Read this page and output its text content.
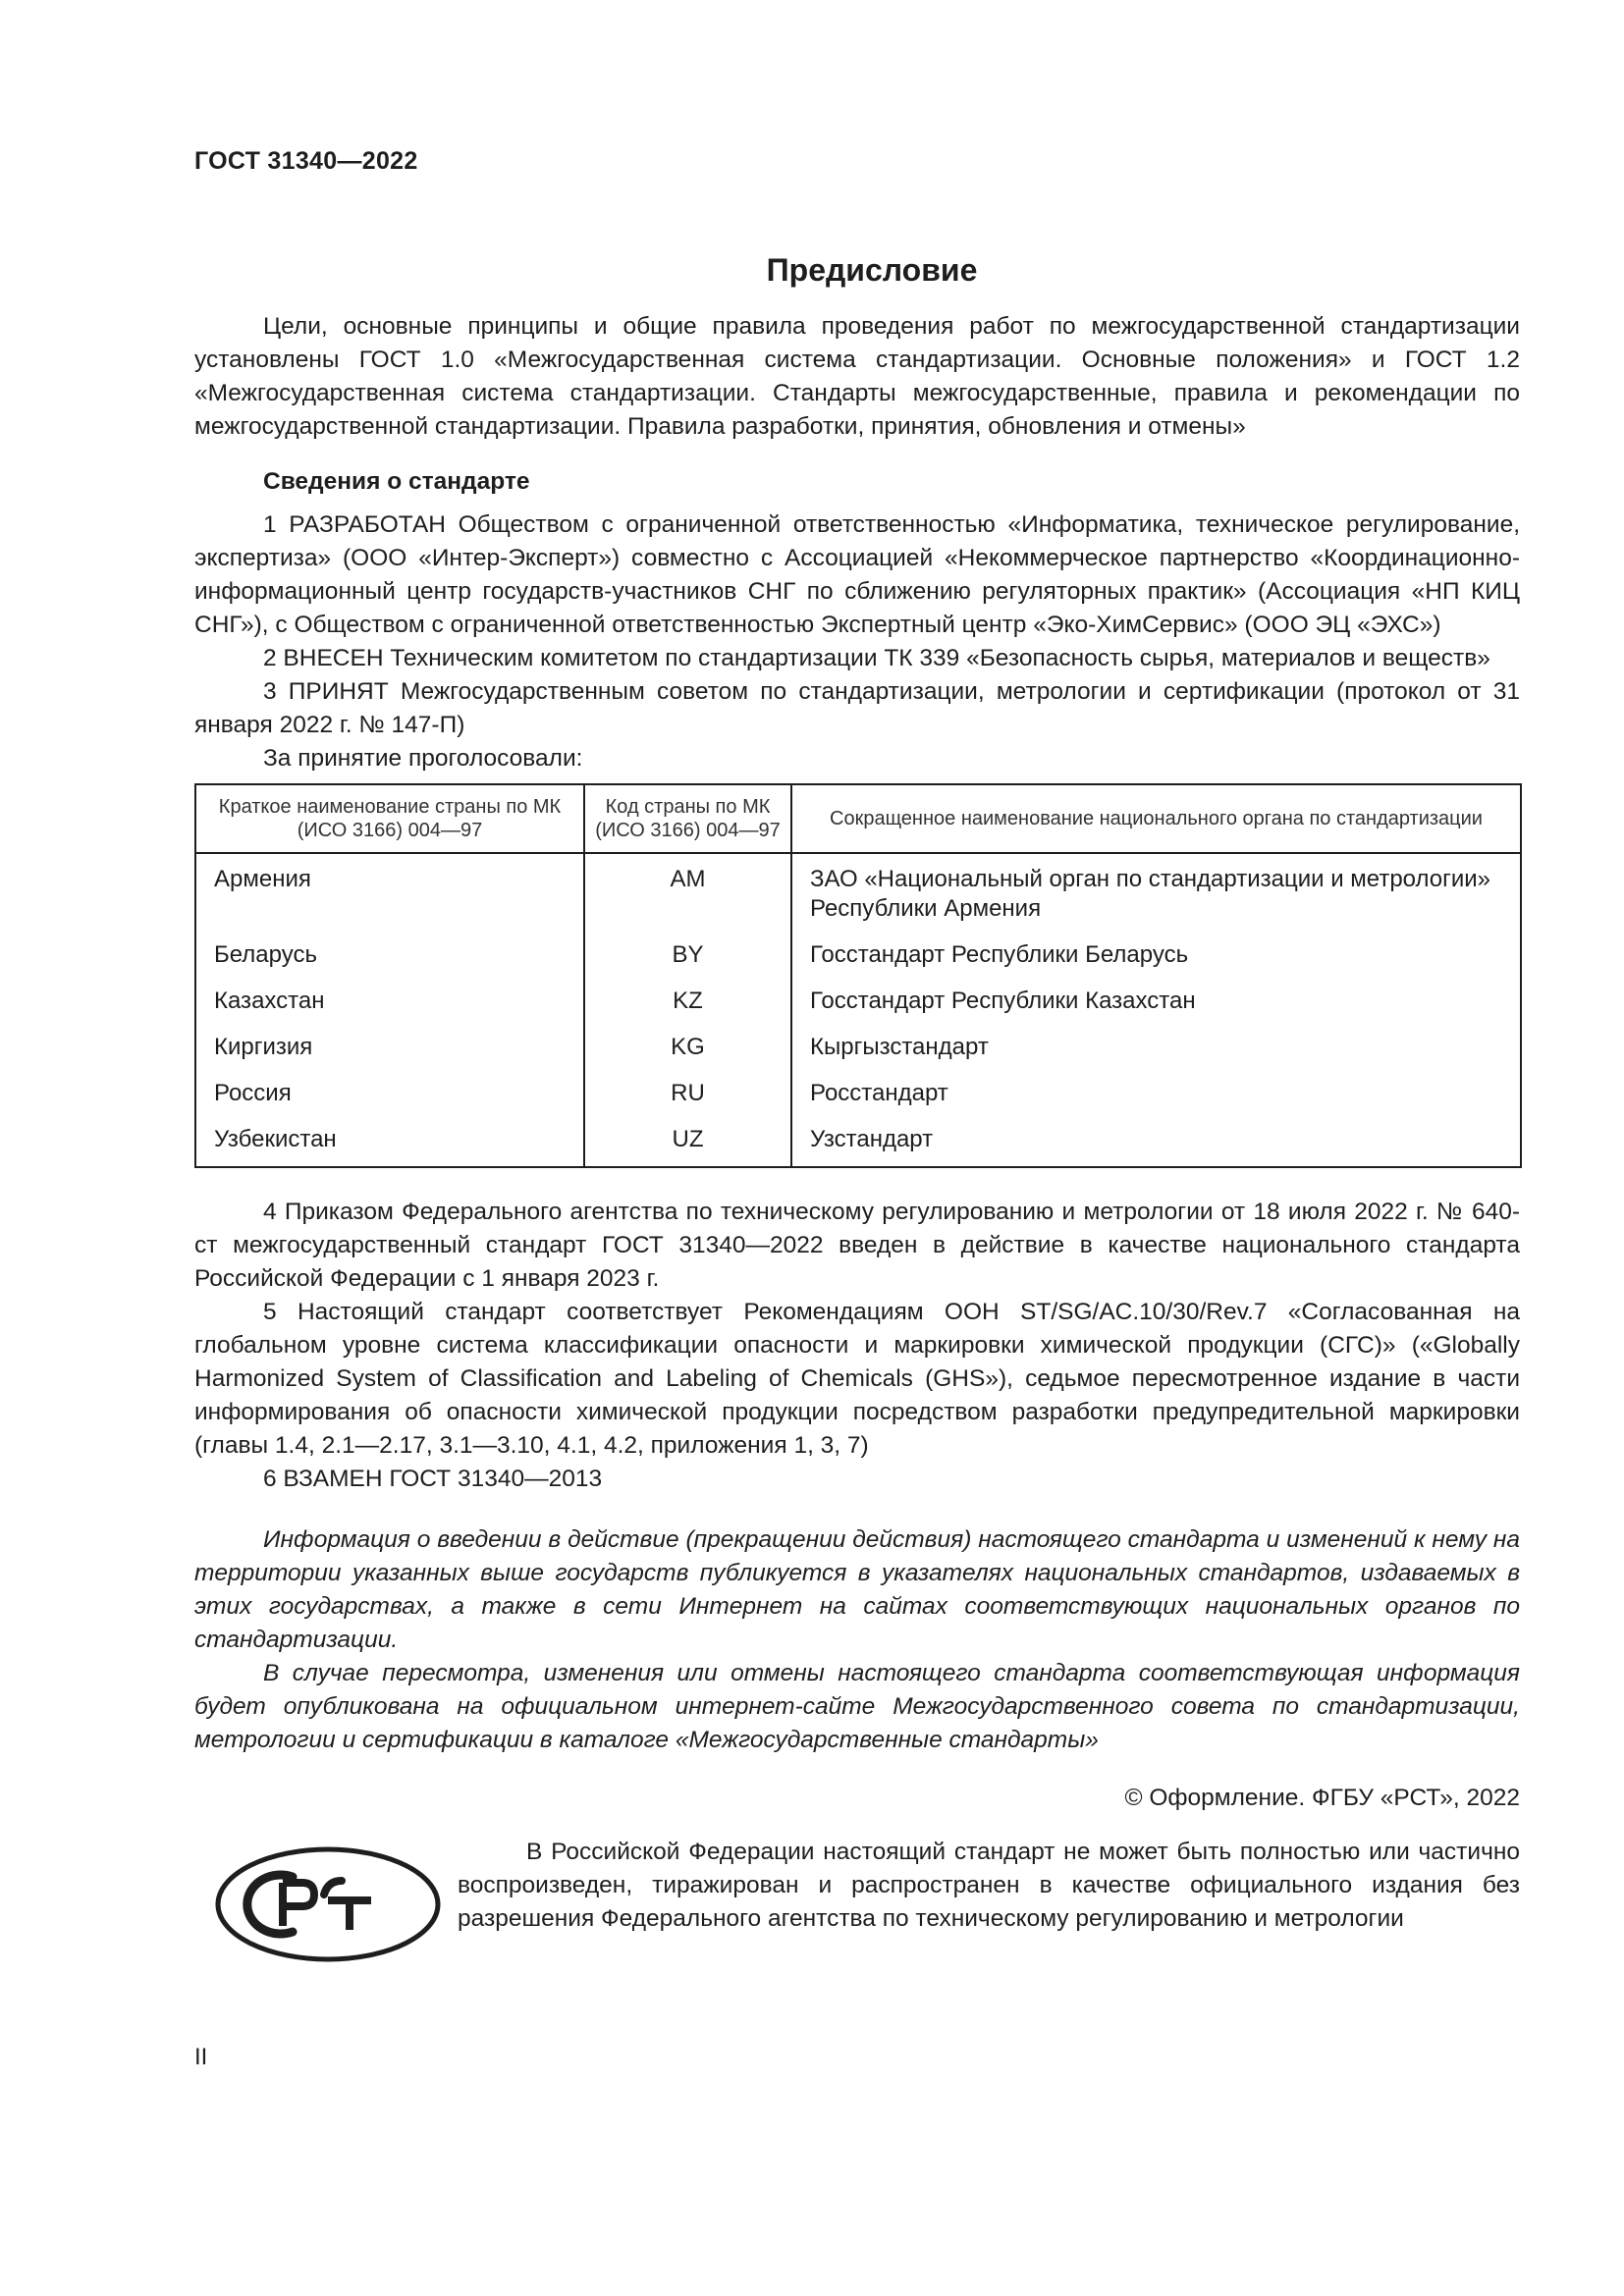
ГОСТ 31340—2022
Предисловие

Цели, основные принципы и общие правила проведения работ по межгосударственной стандартизации установлены ГОСТ 1.0 «Межгосударственная система стандартизации. Основные положения» и ГОСТ 1.2 «Межгосударственная система стандартизации. Стандарты межгосударственные, правила и рекомендации по межгосударственной стандартизации. Правила разработки, принятия, обновления и отмены»

Сведения о стандарте

1 РАЗРАБОТАН Обществом с ограниченной ответственностью «Информатика, техническое регулирование, экспертиза» (ООО «Интер-Эксперт») совместно с Ассоциацией «Некоммерческое партнерство «Координационно-информационный центр государств-участников СНГ по сближению регуляторных практик» (Ассоциация «НП КИЦ СНГ»), с Обществом с ограниченной ответственностью Экспертный центр «Эко-ХимСервис» (ООО ЭЦ «ЭХС»)

2 ВНЕСЕН Техническим комитетом по стандартизации ТК 339 «Безопасность сырья, материалов и веществ»

3 ПРИНЯТ Межгосударственным советом по стандартизации, метрологии и сертификации (протокол от 31 января 2022 г. № 147-П)

За принятие проголосовали:

Краткое наименование страны по МК (ИСО 3166) 004—97	Код страны по МК (ИСО 3166) 004—97	Сокращенное наименование национального органа по стандартизации
Армения	AM	ЗАО «Национальный орган по стандартизации и метрологии» Республики Армения
Беларусь	BY	Госстандарт Республики Беларусь
Казахстан	KZ	Госстандарт Республики Казахстан
Киргизия	KG	Кыргызстандарт
Россия	RU	Росстандарт
Узбекистан	UZ	Узстандарт

4 Приказом Федерального агентства по техническому регулированию и метрологии от 18 июля 2022 г. № 640-ст межгосударственный стандарт ГОСТ 31340—2022 введен в действие в качестве национального стандарта Российской Федерации с 1 января 2023 г.

5 Настоящий стандарт соответствует Рекомендациям ООН ST/SG/AC.10/30/Rev.7 «Согласованная на глобальном уровне система классификации опасности и маркировки химической продукции (СГС)» («Globally Harmonized System of Classification and Labeling of Chemicals (GHS»), седьмое пересмотренное издание в части информирования об опасности химической продукции посредством разработки предупредительной маркировки (главы 1.4, 2.1—2.17, 3.1—3.10, 4.1, 4.2, приложения 1, 3, 7)

6 ВЗАМЕН ГОСТ 31340—2013

Информация о введении в действие (прекращении действия) настоящего стандарта и изменений к нему на территории указанных выше государств публикуется в указателях национальных стандартов, издаваемых в этих государствах, а также в сети Интернет на сайтах соответствующих национальных органов по стандартизации.

В случае пересмотра, изменения или отмены настоящего стандарта соответствующая информация будет опубликована на официальном интернет-сайте Межгосударственного совета по стандартизации, метрологии и сертификации в каталоге «Межгосударственные стандарты»

© Оформление. ФГБУ «РСТ», 2022

В Российской Федерации настоящий стандарт не может быть полностью или частично воспроизведен, тиражирован и распространен в качестве официального издания без разрешения Федерального агентства по техническому регулированию и метрологии

II
